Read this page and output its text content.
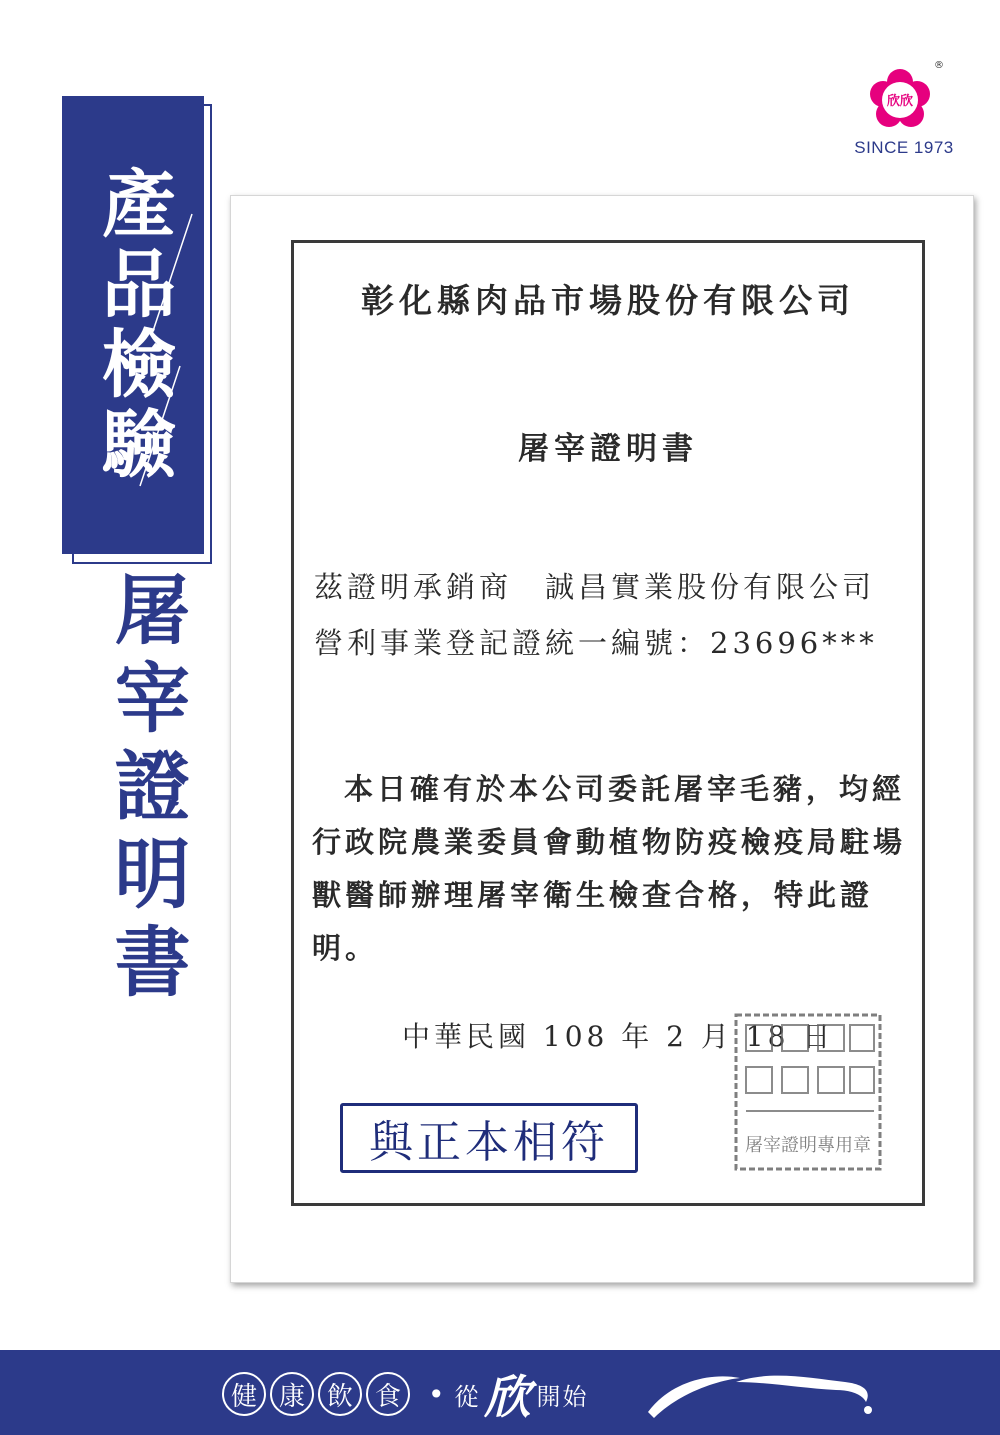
欣欣
®
SINCE 1973
產品檢驗
屠宰證明書
彰化縣肉品市場股份有限公司
屠宰證明書
茲證明承銷商　誠昌實業股份有限公司
營利事業登記證統一編號：23696***
本日確有於本公司委託屠宰毛豬，均經行政院農業委員會動植物防疫檢疫局駐場獸醫師辦理屠宰衛生檢查合格，特此證明。
中華民國 108 年 2 月 18 日
與正本相符	屠宰證明專用章
健 康 飲 食 • 從 欣 開始
